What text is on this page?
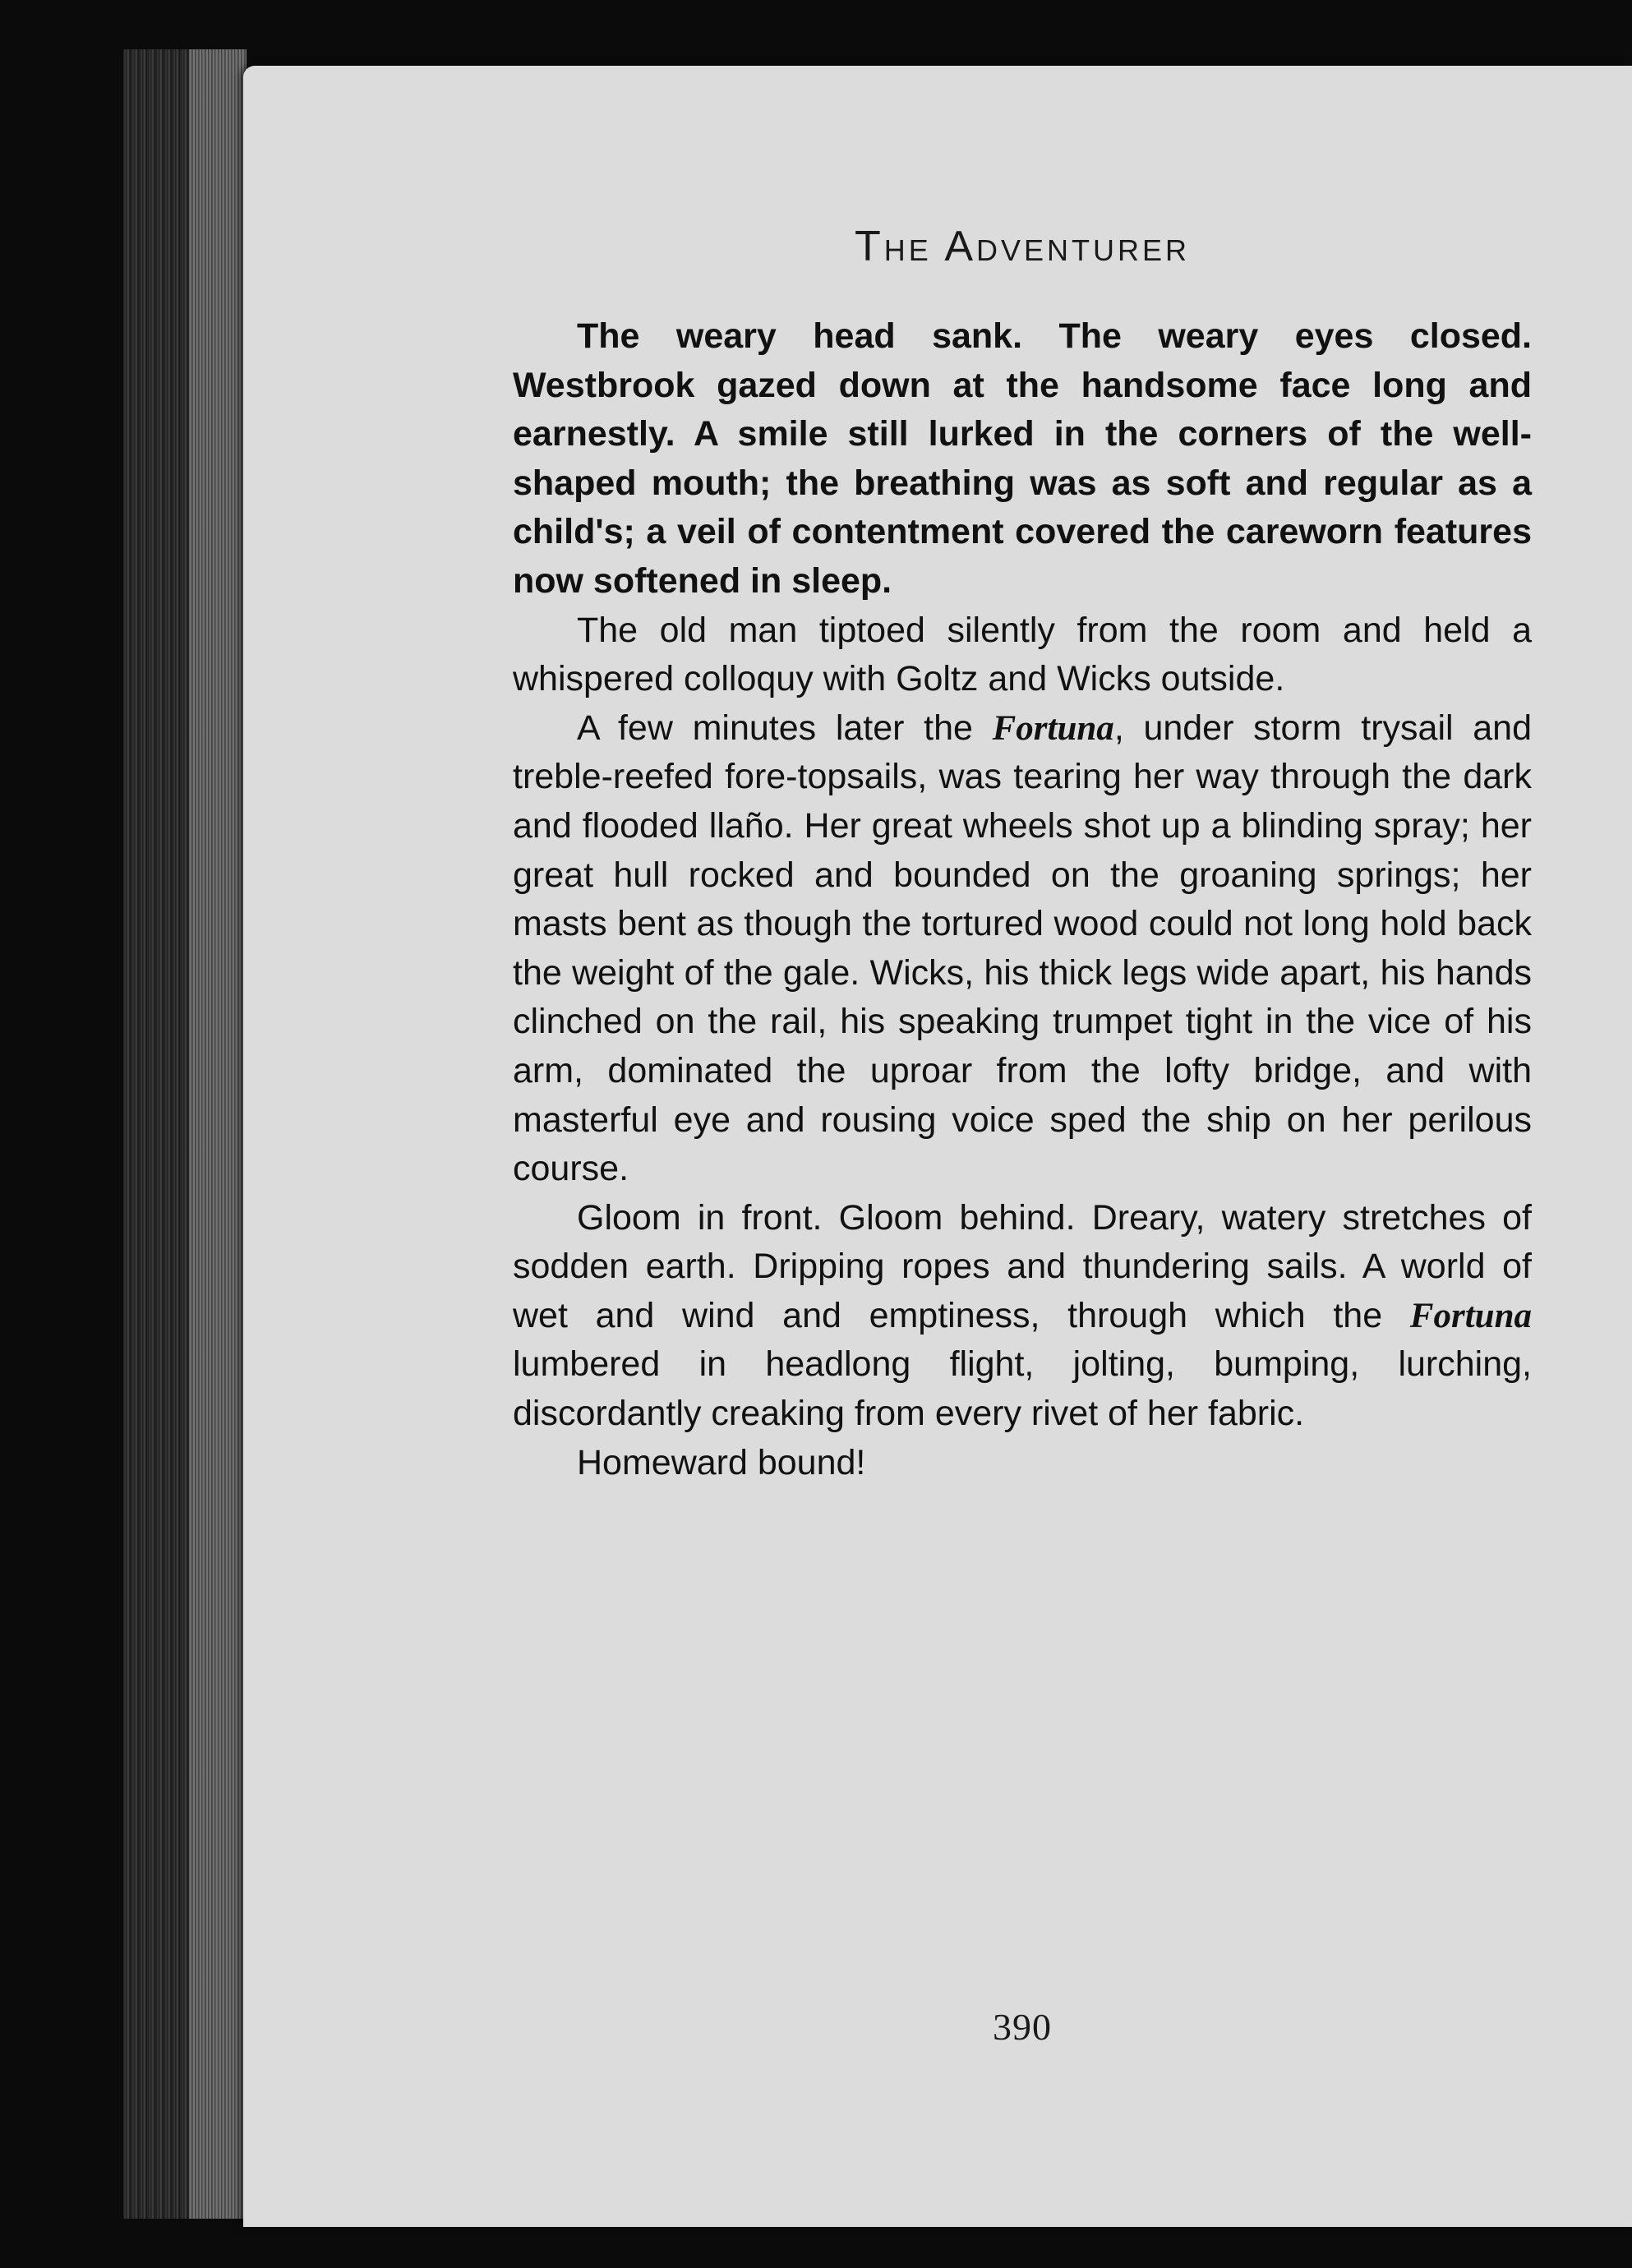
The Adventurer

The weary head sank. The weary eyes closed. Westbrook gazed down at the handsome face long and earnestly. A smile still lurked in the corners of the well-shaped mouth; the breathing was as soft and regular as a child's; a veil of contentment covered the careworn features now softened in sleep.

The old man tiptoed silently from the room and held a whispered colloquy with Goltz and Wicks outside.

A few minutes later the Fortuna, under storm trysail and treble-reefed fore-topsails, was tearing her way through the dark and flooded llaño. Her great wheels shot up a blinding spray; her great hull rocked and bounded on the groaning springs; her masts bent as though the tortured wood could not long hold back the weight of the gale. Wicks, his thick legs wide apart, his hands clinched on the rail, his speaking trumpet tight in the vice of his arm, dominated the uproar from the lofty bridge, and with masterful eye and rousing voice sped the ship on her perilous course.

Gloom in front. Gloom behind. Dreary, watery stretches of sodden earth. Dripping ropes and thundering sails. A world of wet and wind and emptiness, through which the Fortuna lumbered in headlong flight, jolting, bumping, lurching, discordantly creaking from every rivet of her fabric.

Homeward bound!

390
